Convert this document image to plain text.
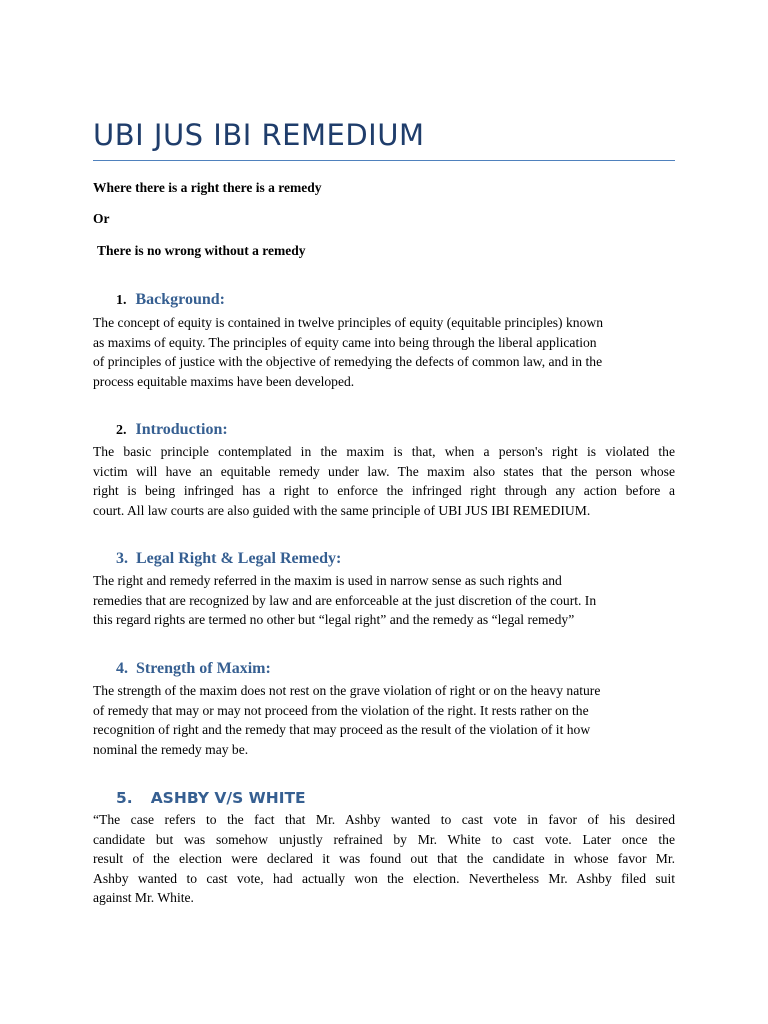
UBI JUS IBI REMEDIUM
Where there is a right there is a remedy
Or
There is no wrong without a remedy
1. Background:
The concept of equity is contained in twelve principles of equity (equitable principles) known
as maxims of equity. The principles of equity came into being through the liberal application
of principles of justice with the objective of remedying the defects of common law, and in the
process equitable maxims have been developed.
2. Introduction:
The basic principle contemplated in the maxim is that, when a person's right is violated the
victim will have an equitable remedy under law. The maxim also states that the person whose
right is being infringed has a right to enforce the infringed right through any action before a
court. All law courts are also guided with the same principle of UBI JUS IBI REMEDIUM.
3. Legal Right & Legal Remedy:
The right and remedy referred in the maxim is used in narrow sense as such rights and
remedies that are recognized by law and are enforceable at the just discretion of the court. In
this regard rights are termed no other but “legal right” and the remedy as “legal remedy”
4. Strength of Maxim:
The strength of the maxim does not rest on the grave violation of right or on the heavy nature
of remedy that may or may not proceed from the violation of the right. It rests rather on the
recognition of right and the remedy that may proceed as the result of the violation of it how
nominal the remedy may be.
5. ASHBY V/S WHITE
“The case refers to the fact that Mr. Ashby wanted to cast vote in favor of his desired
candidate but was somehow unjustly refrained by Mr. White to cast vote. Later once the
result of the election were declared it was found out that the candidate in whose favor Mr.
Ashby wanted to cast vote, had actually won the election. Nevertheless Mr. Ashby filed suit
against Mr. White.
